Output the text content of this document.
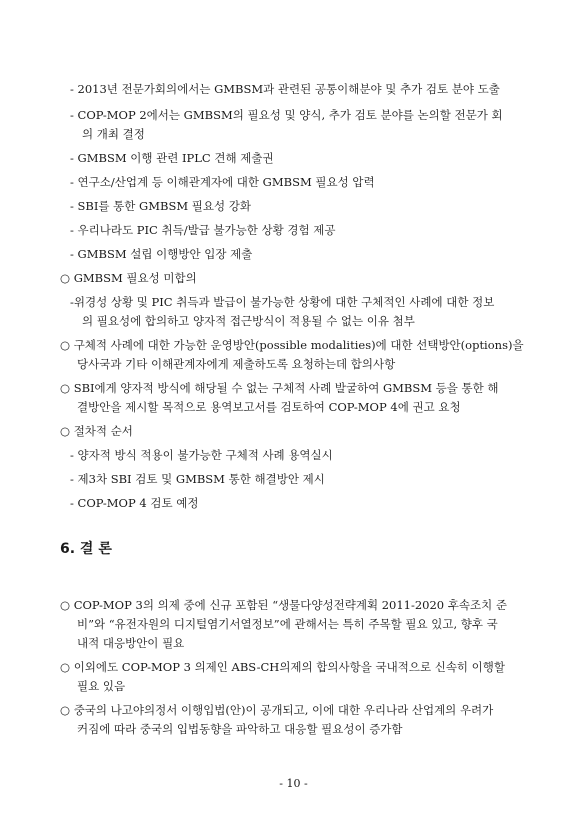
- 2013년 전문가회의에서는 GMBSM과 관련된 공통이해분야 및 추가 검토 분야 도출
- COP-MOP 2에서는 GMBSM의 필요성 및 양식, 추가 검토 분야를 논의할 전문가 회
의 개최 결정
- GMBSM 이행 관련 IPLC 견해 제출권
- 연구소/산업계 등 이해관계자에 대한 GMBSM 필요성 압력
- SBI를 통한 GMBSM 필요성 강화
- 우리나라도 PIC 취득/발급 불가능한 상황 경험 제공
- GMBSM 설립 이행방안 입장 제출
○ GMBSM 필요성 미합의
-위경성 상황 및 PIC 취득과 발급이 불가능한 상황에 대한 구체적인 사례에 대한 정보
의 필요성에 합의하고 양자적 접근방식이 적용될 수 없는 이유 첨부
○ 구체적 사례에 대한 가능한 운영방안(possible modalities)에 대한 선택방안(options)을
당사국과 기타 이해관계자에게 제출하도록 요청하는데 합의사항
○ SBI에게 양자적 방식에 해당될 수 없는 구체적 사례 발굴하여 GMBSM 등을 통한 해
결방안을 제시할 목적으로 용역보고서를 검토하여 COP-MOP 4에 권고 요청
○ 절차적 순서
- 양자적 방식 적용이 불가능한 구체적 사례 용역실시
- 제3차 SBI 검토 및 GMBSM 통한 해결방안 제시
- COP-MOP 4 검토 예정
6. 결 론
○ COP-MOP 3의 의제 중에 신규 포함된 “생물다양성전략계획 2011-2020 후속조치 준
비”와 “유전자원의 디지털염기서열정보”에 관해서는 특히 주목할 필요 있고, 향후 국
내적 대응방안이 필요
○ 이외에도 COP-MOP 3 의제인 ABS-CH의제의 합의사항을 국내적으로 신속히 이행할
필요 있음
○ 중국의 나고야의정서 이행입법(안)이 공개되고, 이에 대한 우리나라 산업계의 우려가
커짐에 따라 중국의 입법동향을 파악하고 대응할 필요성이 증가함
- 10 -
